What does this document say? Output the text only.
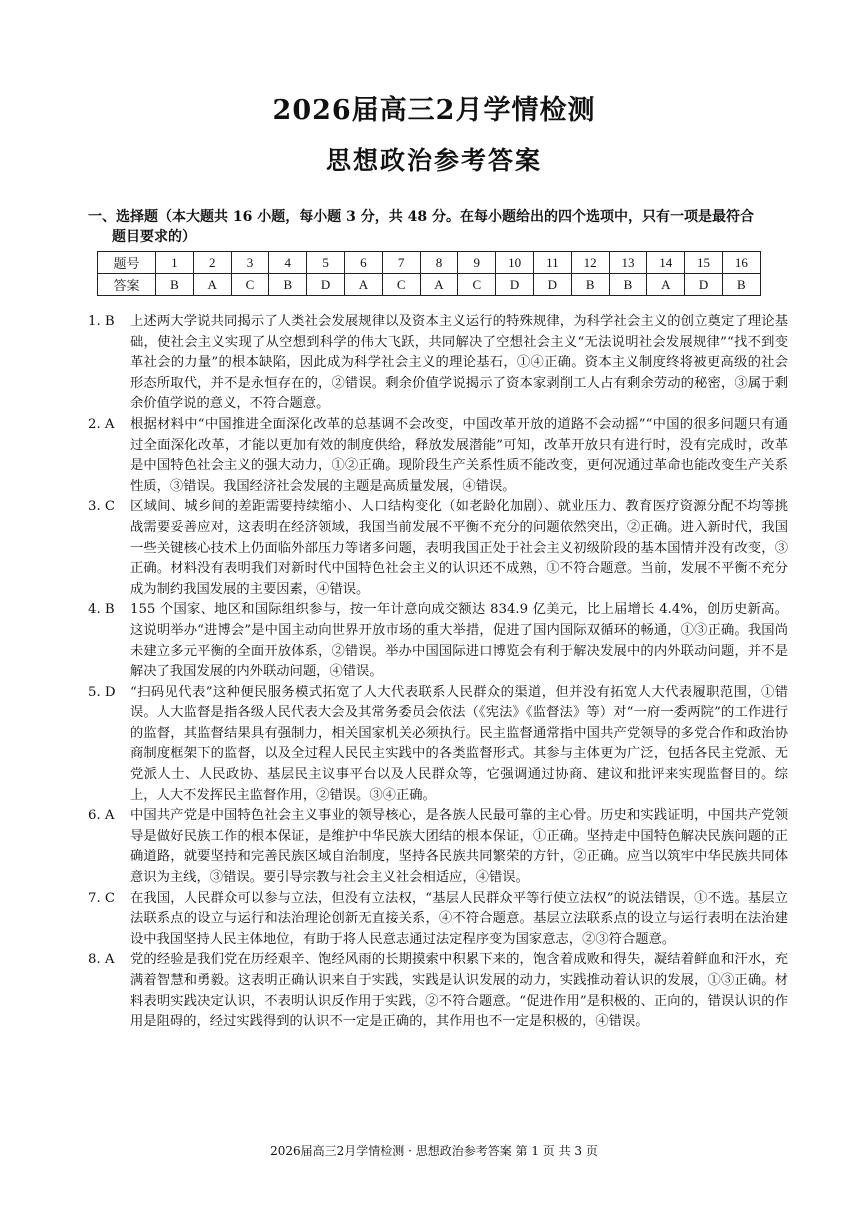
2026届高三2月学情检测
思想政治参考答案
一、选择题（本大题共 16 小题，每小题 3 分，共 48 分。在每小题给出的四个选项中，只有一项是最符合
题目要求的）
题号	1	2	3	4	5	6	7	8	9	10	11	12	13	14	15	16
答案	B	A	C	B	D	A	C	A	C	D	D	B	B	A	D	B
1. B	上述两大学说共同揭示了人类社会发展规律以及资本主义运行的特殊规律，为科学社会主义的创立奠定了理论基础，使社会主义实现了从空想到科学的伟大飞跃，共同解决了空想社会主义“无法说明社会发展规律”“找不到变革社会的力量”的根本缺陷，因此成为科学社会主义的理论基石，①④正确。资本主义制度终将被更高级的社会形态所取代，并不是永恒存在的，②错误。剩余价值学说揭示了资本家剥削工人占有剩余劳动的秘密，③属于剩余价值学说的意义，不符合题意。
2. A	根据材料中“中国推进全面深化改革的总基调不会改变，中国改革开放的道路不会动摇”“中国的很多问题只有通过全面深化改革，才能以更加有效的制度供给，释放发展潜能”可知，改革开放只有进行时，没有完成时，改革是中国特色社会主义的强大动力，①②正确。现阶段生产关系性质不能改变，更何况通过革命也能改变生产关系性质，③错误。我国经济社会发展的主题是高质量发展，④错误。
3. C	区域间、城乡间的差距需要持续缩小、人口结构变化（如老龄化加剧）、就业压力、教育医疗资源分配不均等挑战需要妥善应对，这表明在经济领域，我国当前发展不平衡不充分的问题依然突出，②正确。进入新时代，我国一些关键核心技术上仍面临外部压力等诸多问题，表明我国正处于社会主义初级阶段的基本国情并没有改变，③正确。材料没有表明我们对新时代中国特色社会主义的认识还不成熟，①不符合题意。当前，发展不平衡不充分成为制约我国发展的主要因素，④错误。
4. B	155 个国家、地区和国际组织参与，按一年计意向成交额达 834.9 亿美元，比上届增长 4.4%，创历史新高。这说明举办“进博会”是中国主动向世界开放市场的重大举措，促进了国内国际双循环的畅通，①③正确。我国尚未建立多元平衡的全面开放体系，②错误。举办中国国际进口博览会有利于解决发展中的内外联动问题，并不是解决了我国发展的内外联动问题，④错误。
5. D	“扫码见代表”这种便民服务模式拓宽了人大代表联系人民群众的渠道，但并没有拓宽人大代表履职范围，①错误。人大监督是指各级人民代表大会及其常务委员会依法（《宪法》《监督法》等）对“一府一委两院”的工作进行的监督，其监督结果具有强制力，相关国家机关必须执行。民主监督通常指中国共产党领导的多党合作和政治协商制度框架下的监督，以及全过程人民民主实践中的各类监督形式。其参与主体更为广泛，包括各民主党派、无党派人士、人民政协、基层民主议事平台以及人民群众等，它强调通过协商、建议和批评来实现监督目的。综上，人大不发挥民主监督作用，②错误。③④正确。
6. A	中国共产党是中国特色社会主义事业的领导核心，是各族人民最可靠的主心骨。历史和实践证明，中国共产党领导是做好民族工作的根本保证，是维护中华民族大团结的根本保证，①正确。坚持走中国特色解决民族问题的正确道路，就要坚持和完善民族区域自治制度，坚持各民族共同繁荣的方针，②正确。应当以筑牢中华民族共同体意识为主线，③错误。要引导宗教与社会主义社会相适应，④错误。
7. C	在我国，人民群众可以参与立法，但没有立法权，“基层人民群众平等行使立法权”的说法错误，①不选。基层立法联系点的设立与运行和法治理论创新无直接关系，④不符合题意。基层立法联系点的设立与运行表明在法治建设中我国坚持人民主体地位，有助于将人民意志通过法定程序变为国家意志，②③符合题意。
8. A	党的经验是我们党在历经艰辛、饱经风雨的长期摸索中积累下来的，饱含着成败和得失，凝结着鲜血和汗水，充满着智慧和勇毅。这表明正确认识来自于实践，实践是认识发展的动力，实践推动着认识的发展，①③正确。材料表明实践决定认识，不表明认识反作用于实践，②不符合题意。“促进作用”是积极的、正向的，错误认识的作用是阻碍的，经过实践得到的认识不一定是正确的，其作用也不一定是积极的，④错误。
2026届高三2月学情检测 · 思想政治参考答案 第 1 页 共 3 页
